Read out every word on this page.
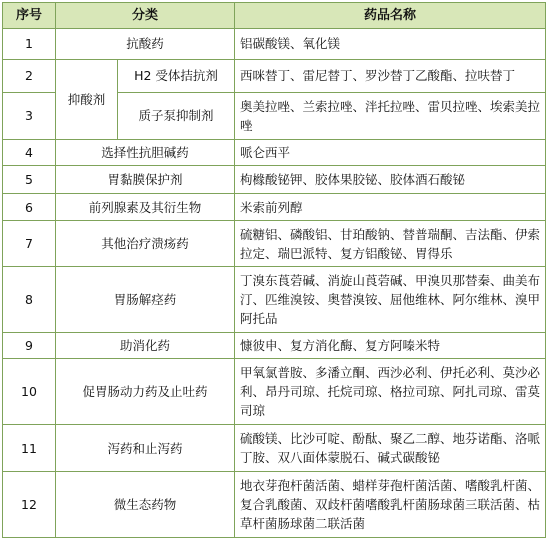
序号	分类		药品名称
1	抗酸药		铝碳酸镁、氧化镁
2	抑酸剂	H2 受体拮抗剂	西咪替丁、雷尼替丁、罗沙替丁乙酸酯、拉呋替丁
3		质子泵抑制剂	奥美拉唑、兰索拉唑、泮托拉唑、雷贝拉唑、埃索美拉唑
4	选择性抗胆碱药		哌仑西平
5	胃黏膜保护剂		枸橼酸铋钾、胶体果胶铋、胶体酒石酸铋
6	前列腺素及其衍生物		米索前列醇
7	其他治疗溃疡药		硫糖铝、磷酸铝、甘珀酸钠、替普瑞酮、吉法酯、伊索拉定、瑞巴派特、复方铝酸铋、胃得乐
8	胃肠解痉药		丁溴东莨菪碱、消旋山莨菪碱、甲溴贝那替秦、曲美布汀、匹维溴铵、奥替溴铵、屈他维林、阿尔维林、溴甲阿托品
9	助消化药		慷彼申、复方消化酶、复方阿嗪米特
10	促胃肠动力药及止吐药		甲氧氯普胺、多潘立酮、西沙必利、伊托必利、莫沙必利、昂丹司琼、托烷司琼、格拉司琼、阿扎司琼、雷莫司琼
11	泻药和止泻药		硫酸镁、比沙可啶、酚酞、聚乙二醇、地芬诺酯、洛哌丁胺、双八面体蒙脱石、碱式碳酸铋
12	微生态药物		地衣芽孢杆菌活菌、蜡样芽孢杆菌活菌、嗜酸乳杆菌、复合乳酸菌、双歧杆菌嗜酸乳杆菌肠球菌三联活菌、枯草杆菌肠球菌二联活菌
